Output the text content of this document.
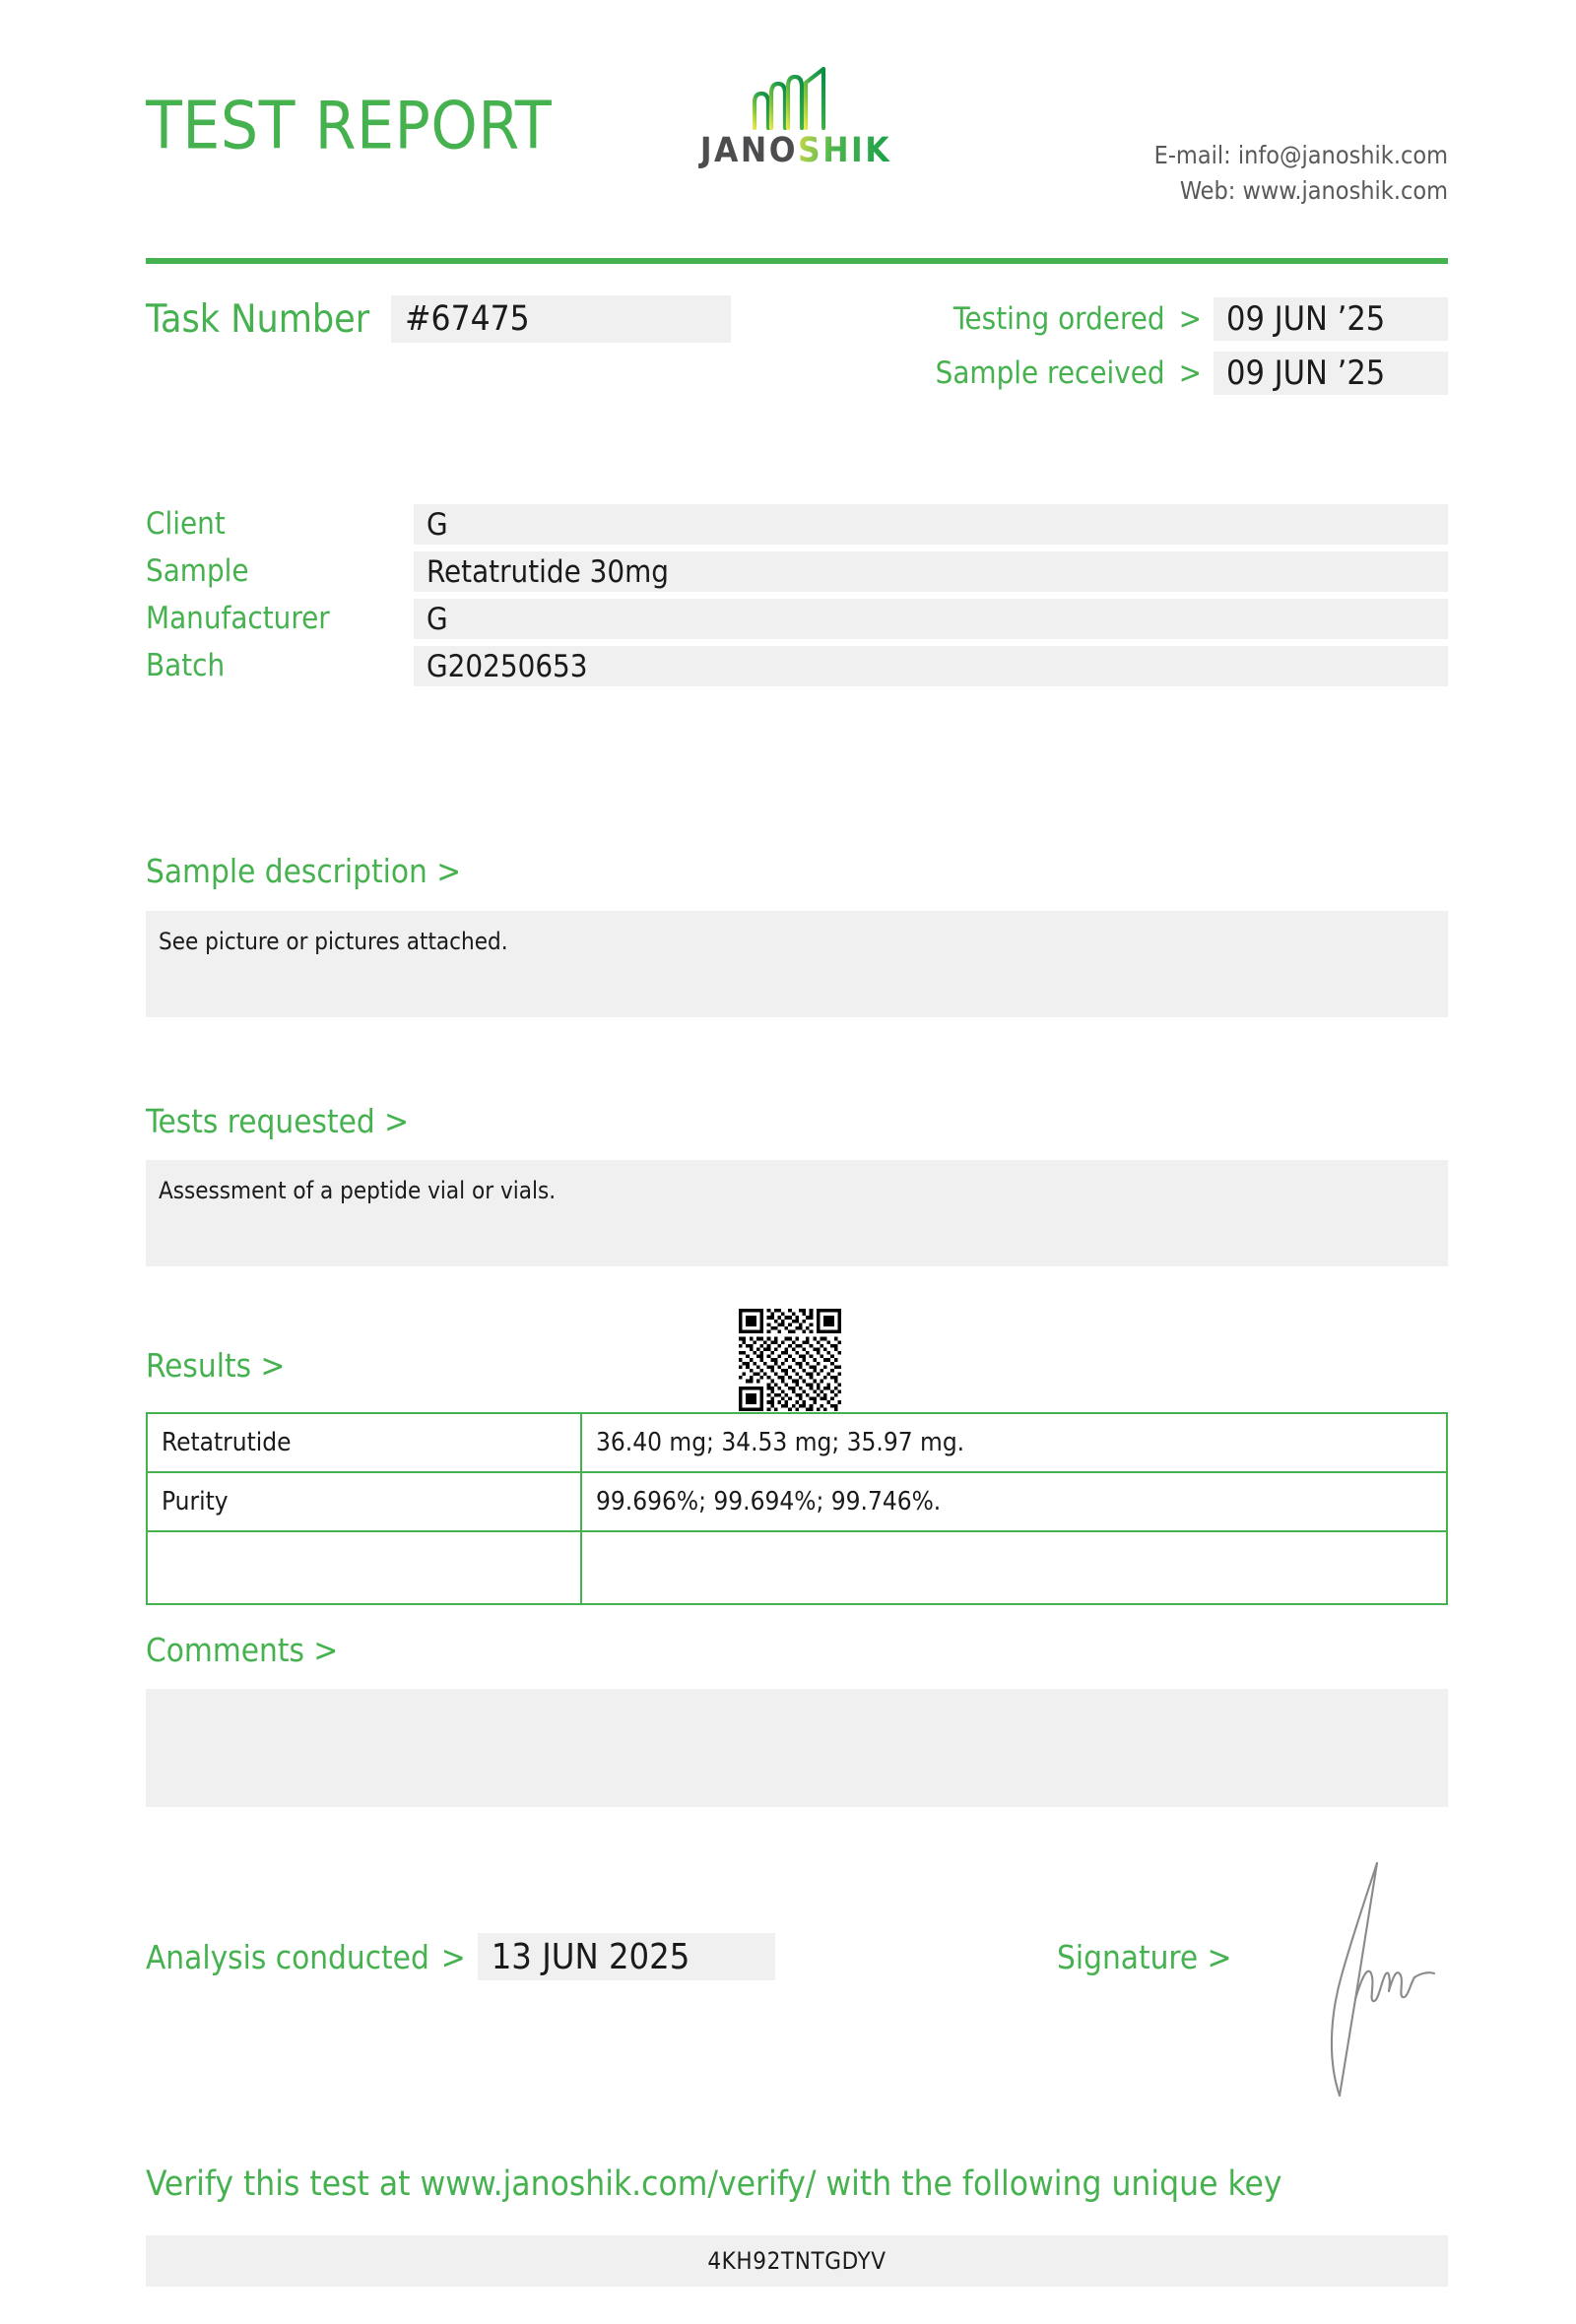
TEST REPORT	JANOSHIK	E-mail: info@janoshik.com
Web: www.janoshik.com
Task Number	#67475	Testing ordered > 09 JUN ’25
Sample received > 09 JUN ’25
Client	G
Sample	Retatrutide 30mg
Manufacturer	G
Batch	G20250653
Sample description >
See picture or pictures attached.
Tests requested >
Assessment of a peptide vial or vials.
Results >
Retatrutide	36.40 mg; 34.53 mg; 35.97 mg.
Purity	99.696%; 99.694%; 99.746%.

Comments >
Analysis conducted > 13 JUN 2025	Signature >
Verify this test at www.janoshik.com/verify/ with the following unique key
4KH92TNTGDYV
